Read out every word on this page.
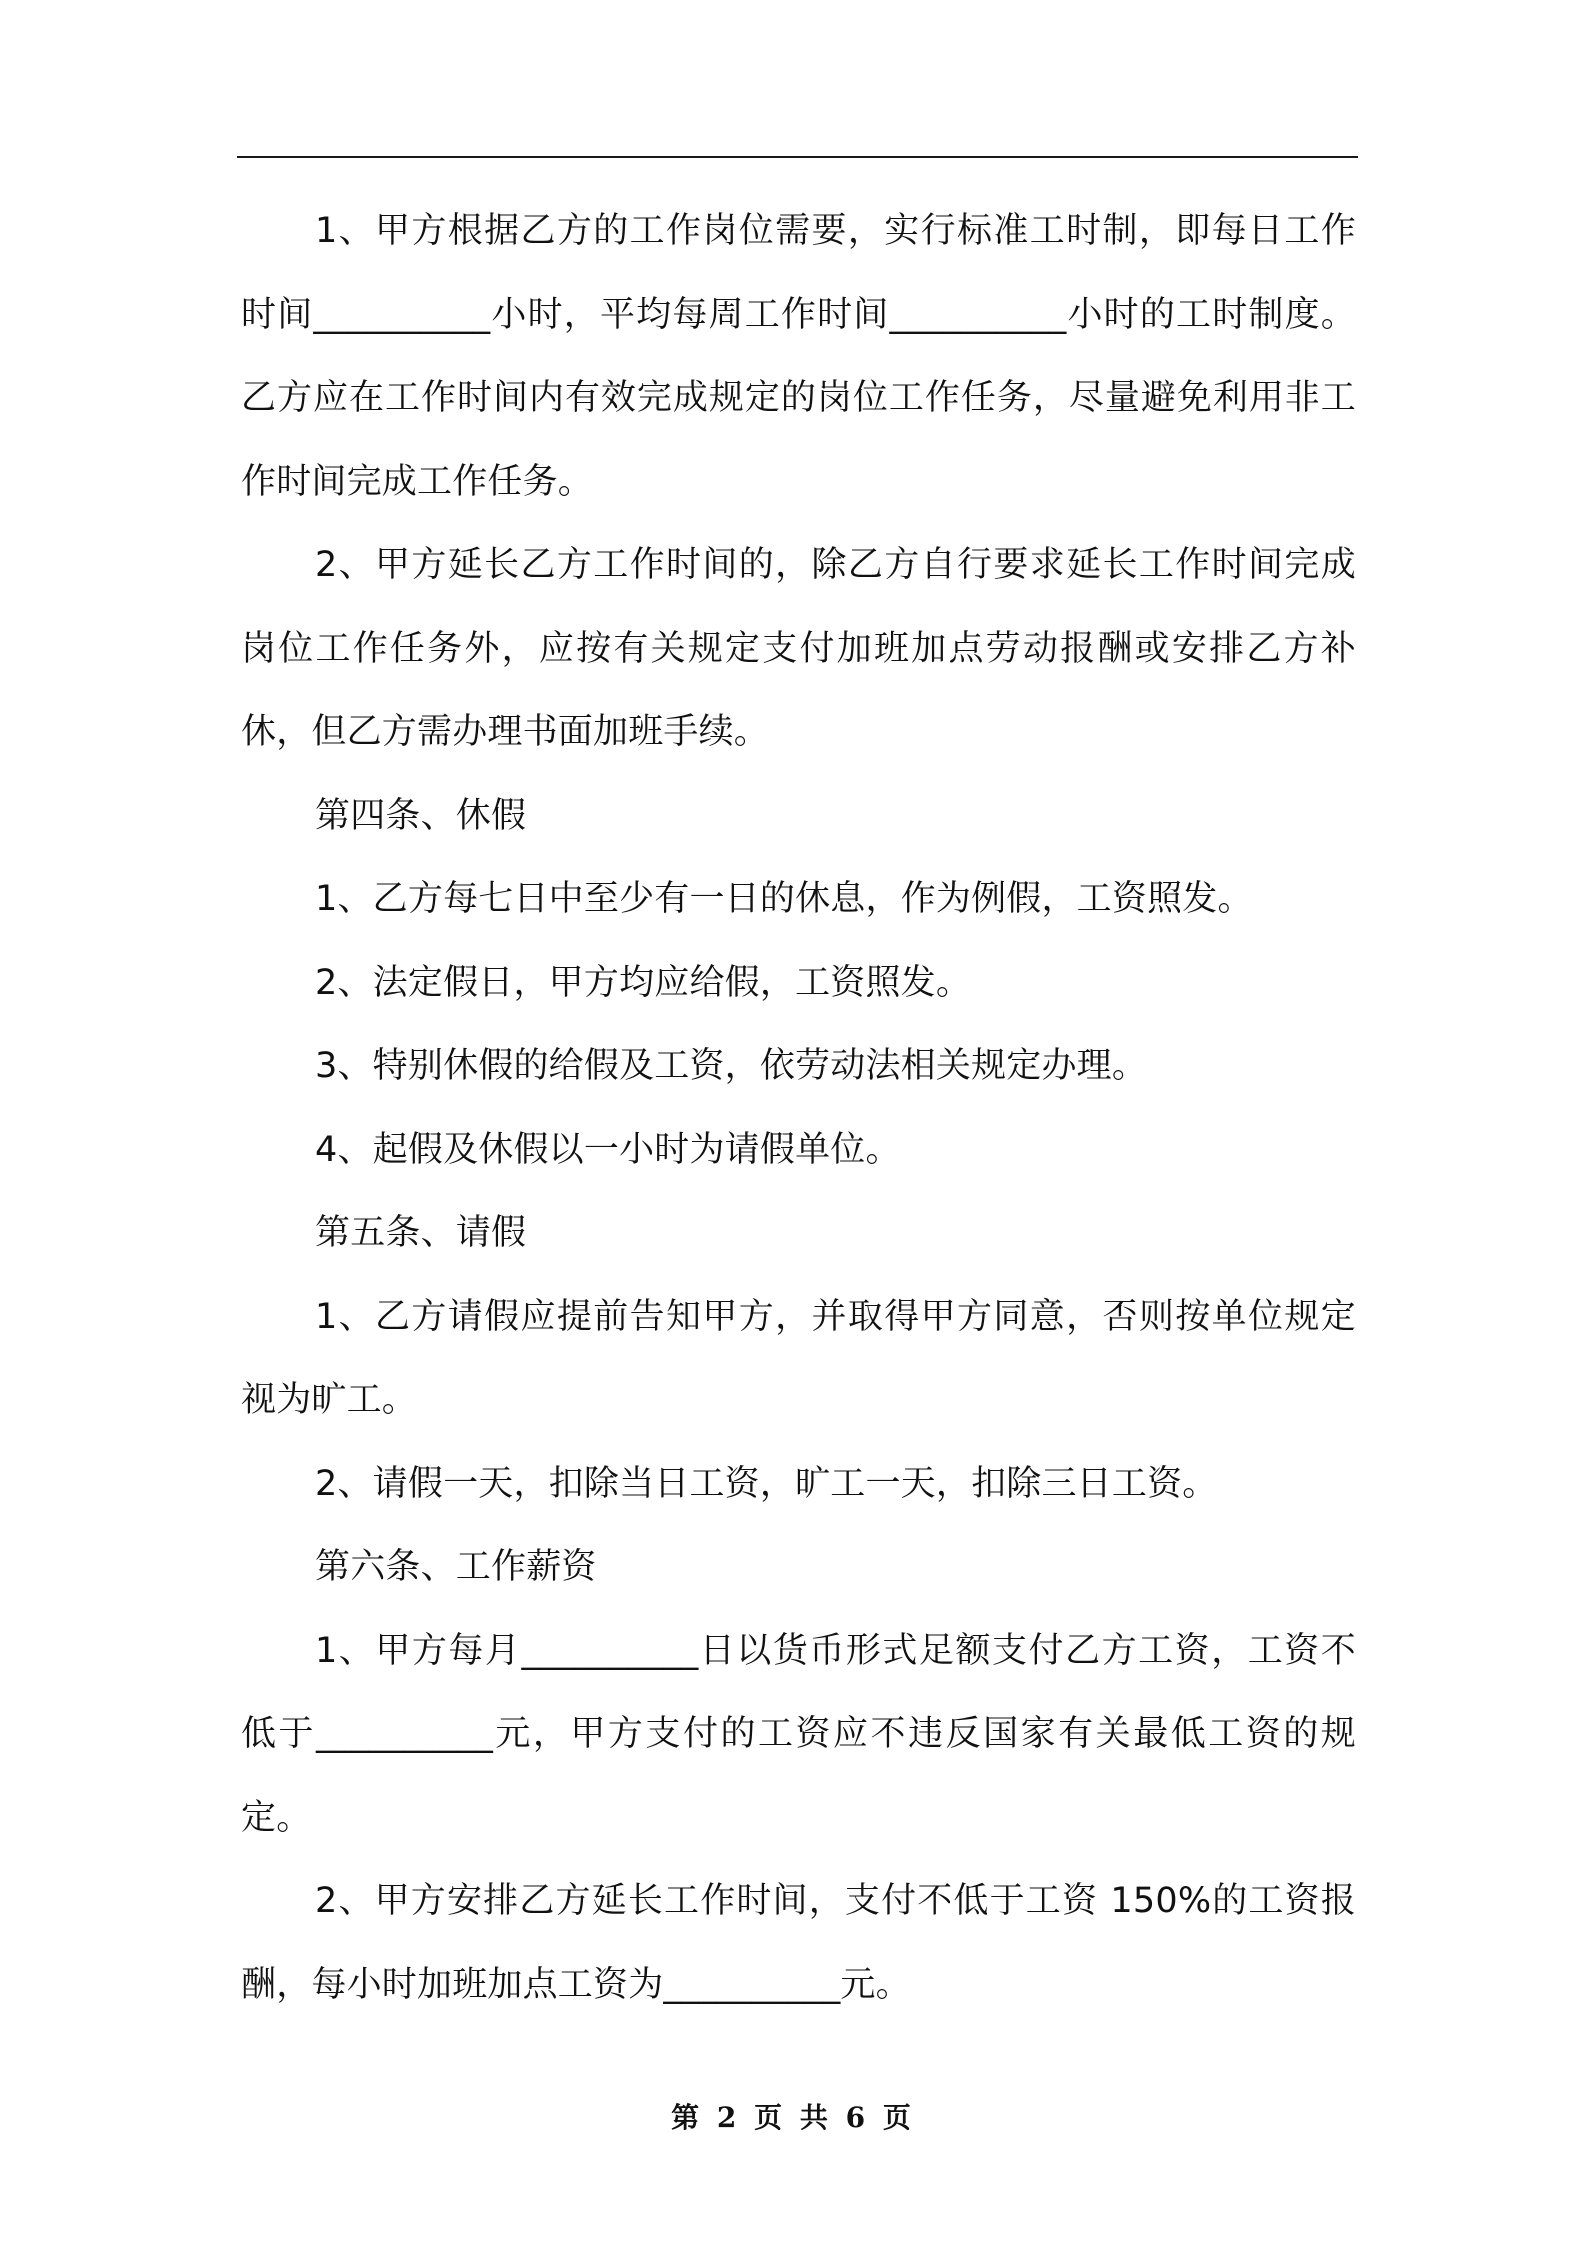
1、甲方根据乙方的工作岗位需要，实行标准工时制，即每日工作时间__________小时，平均每周工作时间__________小时的工时制度。乙方应在工作时间内有效完成规定的岗位工作任务，尽量避免利用非工作时间完成工作任务。

2、甲方延长乙方工作时间的，除乙方自行要求延长工作时间完成岗位工作任务外，应按有关规定支付加班加点劳动报酬或安排乙方补休，但乙方需办理书面加班手续。

第四条、休假

1、乙方每七日中至少有一日的休息，作为例假，工资照发。

2、法定假日，甲方均应给假，工资照发。

3、特别休假的给假及工资，依劳动法相关规定办理。

4、起假及休假以一小时为请假单位。

第五条、请假

1、乙方请假应提前告知甲方，并取得甲方同意，否则按单位规定视为旷工。

2、请假一天，扣除当日工资，旷工一天，扣除三日工资。

第六条、工作薪资

1、甲方每月__________日以货币形式足额支付乙方工资，工资不低于__________元，甲方支付的工资应不违反国家有关最低工资的规定。

2、甲方安排乙方延长工作时间，支付不低于工资 150%的工资报酬，每小时加班加点工资为__________元。

第 2 页 共 6 页
